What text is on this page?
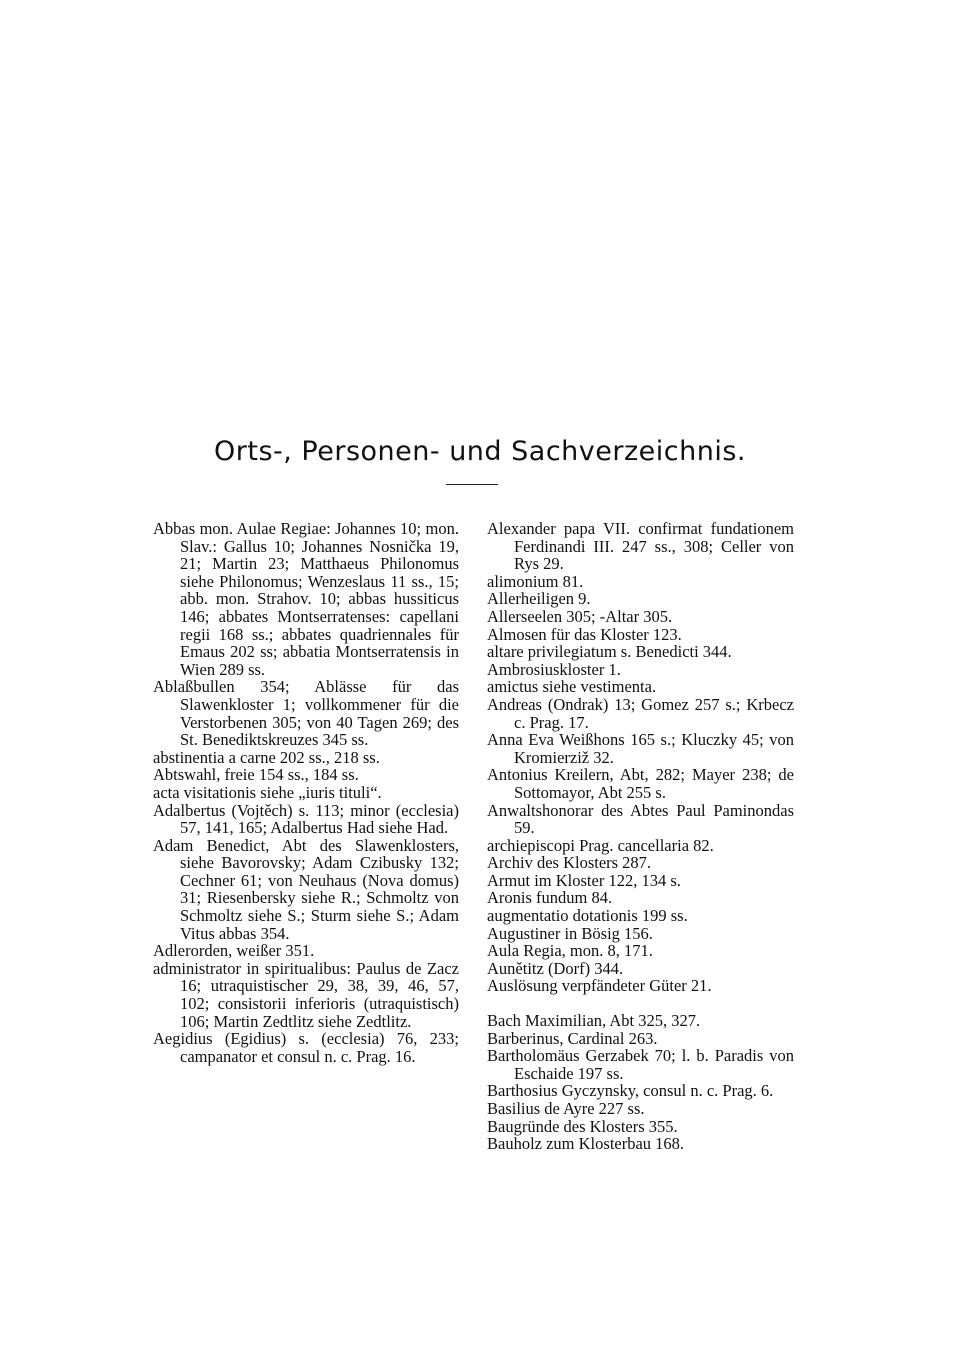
Orts-, Personen- und Sachverzeichnis.

Abbas mon. Aulae Regiae: Johannes 10; mon. Slav.: Gallus 10; Johannes Nosnička 19, 21; Martin 23; Matthaeus Philonomus siehe Philonomus; Wenzeslaus 11 ss., 15; abb. mon. Strahov. 10; abbas hussiticus 146; abbates Montserratenses: capellani regii 168 ss.; abbates quadriennales für Emaus 202 ss; abbatia Montserratensis in Wien 289 ss.

Ablaßbullen 354; Ablässe für das Slawenkloster 1; vollkommener für die Verstorbenen 305; von 40 Tagen 269; des St. Benediktskreuzes 345 ss.

abstinentia a carne 202 ss., 218 ss.

Abtswahl, freie 154 ss., 184 ss.

acta visitationis siehe „iuris tituli“.

Adalbertus (Vojtěch) s. 113; minor (ecclesia) 57, 141, 165; Adalbertus Had siehe Had.

Adam Benedict, Abt des Slawenklosters, siehe Bavorovsky; Adam Czibusky 132; Cechner 61; von Neuhaus (Nova domus) 31; Riesenbersky siehe R.; Schmoltz von Schmoltz siehe S.; Sturm siehe S.; Adam Vitus abbas 354.

Adlerorden, weißer 351.

administrator in spiritualibus: Paulus de Zacz 16; utraquistischer 29, 38, 39, 46, 57, 102; consistorii inferioris (utraquistisch) 106; Martin Zedtlitz siehe Zedtlitz.

Aegidius (Egidius) s. (ecclesia) 76, 233; campanator et consul n. c. Prag. 16.

Alexander papa VII. confirmat fundationem Ferdinandi III. 247 ss., 308; Celler von Rys 29.

alimonium 81.

Allerheiligen 9.

Allerseelen 305; -Altar 305.

Almosen für das Kloster 123.

altare privilegiatum s. Benedicti 344.

Ambrosiuskloster 1.

amictus siehe vestimenta.

Andreas (Ondrak) 13; Gomez 257 s.; Krbecz c. Prag. 17.

Anna Eva Weißhons 165 s.; Kluczky 45; von Kromierziž 32.

Antonius Kreilern, Abt, 282; Mayer 238; de Sottomayor, Abt 255 s.

Anwaltshonorar des Abtes Paul Paminondas 59.

archiepiscopi Prag. cancellaria 82.

Archiv des Klosters 287.

Armut im Kloster 122, 134 s.

Aronis fundum 84.

augmentatio dotationis 199 ss.

Augustiner in Bösig 156.

Aula Regia, mon. 8, 171.

Aunětitz (Dorf) 344.

Auslösung verpfändeter Güter 21.

Bach Maximilian, Abt 325, 327.

Barberinus, Cardinal 263.

Bartholomäus Gerzabek 70; l. b. Paradis von Eschaide 197 ss.

Barthosius Gyczynsky, consul n. c. Prag. 6.

Basilius de Ayre 227 ss.

Baugründe des Klosters 355.

Bauholz zum Klosterbau 168.
